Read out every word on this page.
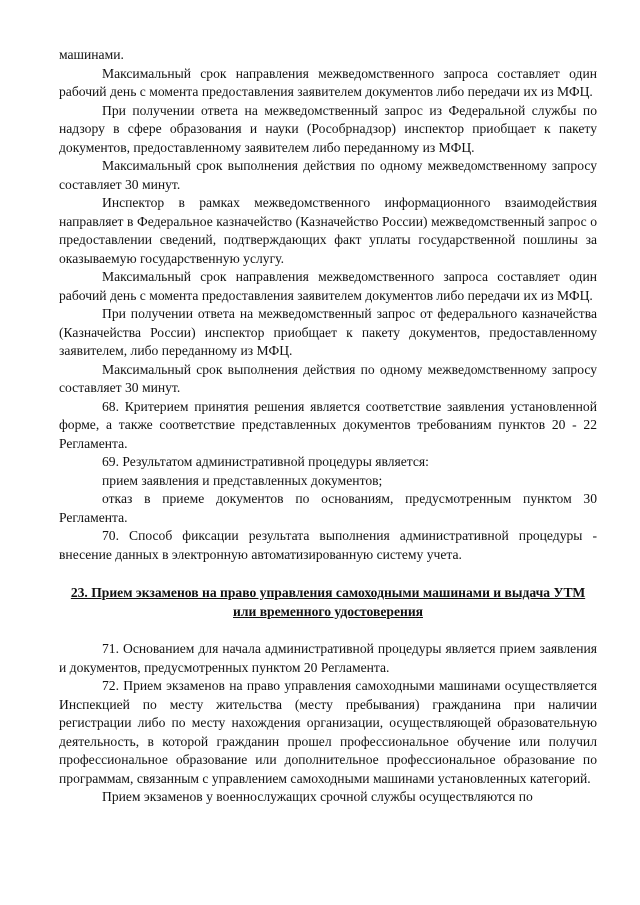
машинами.

Максимальный срок направления межведомственного запроса составляет один рабочий день с момента предоставления заявителем документов либо передачи их из МФЦ.

При получении ответа на межведомственный запрос из Федеральной службы по надзору в сфере образования и науки (Рособрнадзор) инспектор приобщает к пакету документов, предоставленному заявителем либо переданному из МФЦ.

Максимальный срок выполнения действия по одному межведомственному запросу составляет 30 минут.

Инспектор в рамках межведомственного информационного взаимодействия направляет в Федеральное казначейство (Казначейство России) межведомственный запрос о предоставлении сведений, подтверждающих факт уплаты государственной пошлины за оказываемую государственную услугу.

Максимальный срок направления межведомственного запроса составляет один рабочий день с момента предоставления заявителем документов либо передачи их из МФЦ.

При получении ответа на межведомственный запрос от федерального казначейства (Казначейства России) инспектор приобщает к пакету документов, предоставленному заявителем, либо переданному из МФЦ.

Максимальный срок выполнения действия по одному межведомственному запросу составляет 30 минут.

68. Критерием принятия решения является соответствие заявления установленной форме, а также соответствие представленных документов требованиям пунктов 20 - 22 Регламента.

69. Результатом административной процедуры является:

прием заявления и представленных документов;

отказ в приеме документов по основаниям, предусмотренным пунктом 30 Регламента.

70. Способ фиксации результата выполнения административной процедуры - внесение данных в электронную автоматизированную систему учета.

23. Прием экзаменов на право управления самоходными машинами и выдача УТМ или временного удостоверения

71. Основанием для начала административной процедуры является прием заявления и документов, предусмотренных пунктом 20 Регламента.

72. Прием экзаменов на право управления самоходными машинами осуществляется Инспекцией по месту жительства (месту пребывания) гражданина при наличии регистрации либо по месту нахождения организации, осуществляющей образовательную деятельность, в которой гражданин прошел профессиональное обучение или получил профессиональное образование или дополнительное профессиональное образование по программам, связанным с управлением самоходными машинами установленных категорий.

Прием экзаменов у военнослужащих срочной службы осуществляются по
